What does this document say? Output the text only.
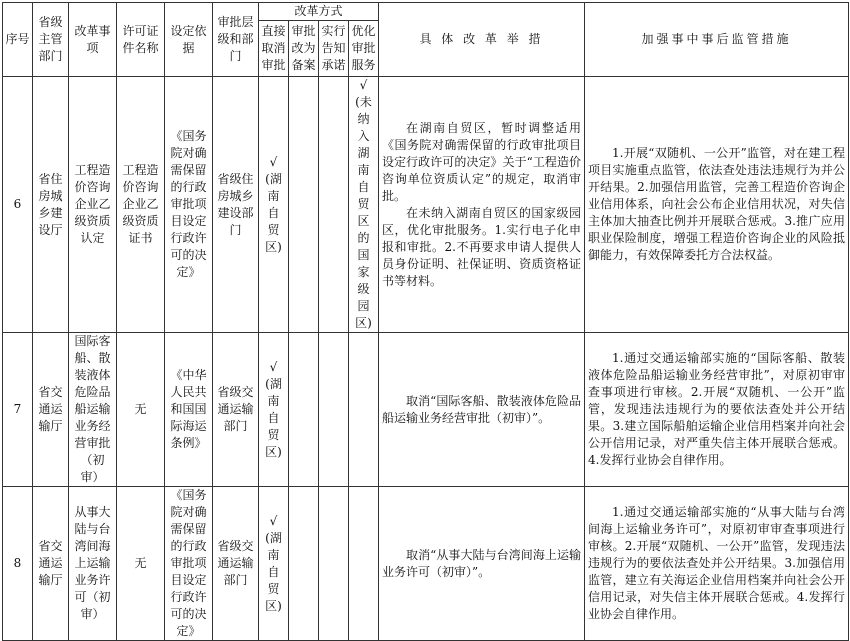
序号	省级主管部门	改革事项	许可证件名称	设定依据	审批层级和部门	改革方式				具 体 改 革 举 措	加强事中事后监管措施
						直接取消审批	审批改为备案	实行告知承诺	优化审批服务		
6	省住房城乡建设厅	工程造价咨询企业乙级资质认定	工程造价咨询企业乙级资质证书	《国务院对确需保留的行政审批项目设定行政许可的决定》	省级住房城乡建设部门	√(湖南自贸区)			√(未纳入湖南自贸区的国家级园区)	在湖南自贸区，暂时调整适用《国务院对确需保留的行政审批项目设定行政许可的决定》关于“工程造价咨询单位资质认定”的规定，取消审批。
在未纳入湖南自贸区的国家级园区，优化审批服务。1.实行电子化申报和审批。2.不再要求申请人提供人员身份证明、社保证明、资质资格证书等材料。	1.开展“双随机、一公开”监管，对在建工程项目实施重点监管，依法查处违法违规行为并公开结果。2.加强信用监管，完善工程造价咨询企业信用体系，向社会公布企业信用状况，对失信主体加大抽查比例并开展联合惩戒。3.推广应用职业保险制度，增强工程造价咨询企业的风险抵御能力，有效保障委托方合法权益。
7	省交通运输厅	国际客船、散装液体危险品船运输业务经营审批（初审）	无	《中华人民共和国国际海运条例》	省级交通运输部门	√(湖南自贸区)				取消“国际客船、散装液体危险品船运输业务经营审批（初审）”。	1.通过交通运输部实施的“国际客船、散装液体危险品船运输业务经营审批”，对原初审审查事项进行审核。2.开展“双随机、一公开”监管，发现违法违规行为的要依法查处并公开结果。3.建立国际船舶运输企业信用档案并向社会公开信用记录，对严重失信主体开展联合惩戒。4.发挥行业协会自律作用。
8	省交通运输厅	从事大陆与台湾间海上运输业务许可（初审）	无	《国务院对确需保留的行政审批项目设定行政许可的决定》	省级交通运输部门	√(湖南自贸区)				取消“从事大陆与台湾间海上运输业务许可（初审）”。	1.通过交通运输部实施的“从事大陆与台湾间海上运输业务许可”，对原初审审查事项进行审核。2.开展“双随机、一公开”监管，发现违法违规行为的要依法查处并公开结果。3.加强信用监管，建立有关海运企业信用档案并向社会公开信用记录，对失信主体开展联合惩戒。4.发挥行业协会自律作用。
